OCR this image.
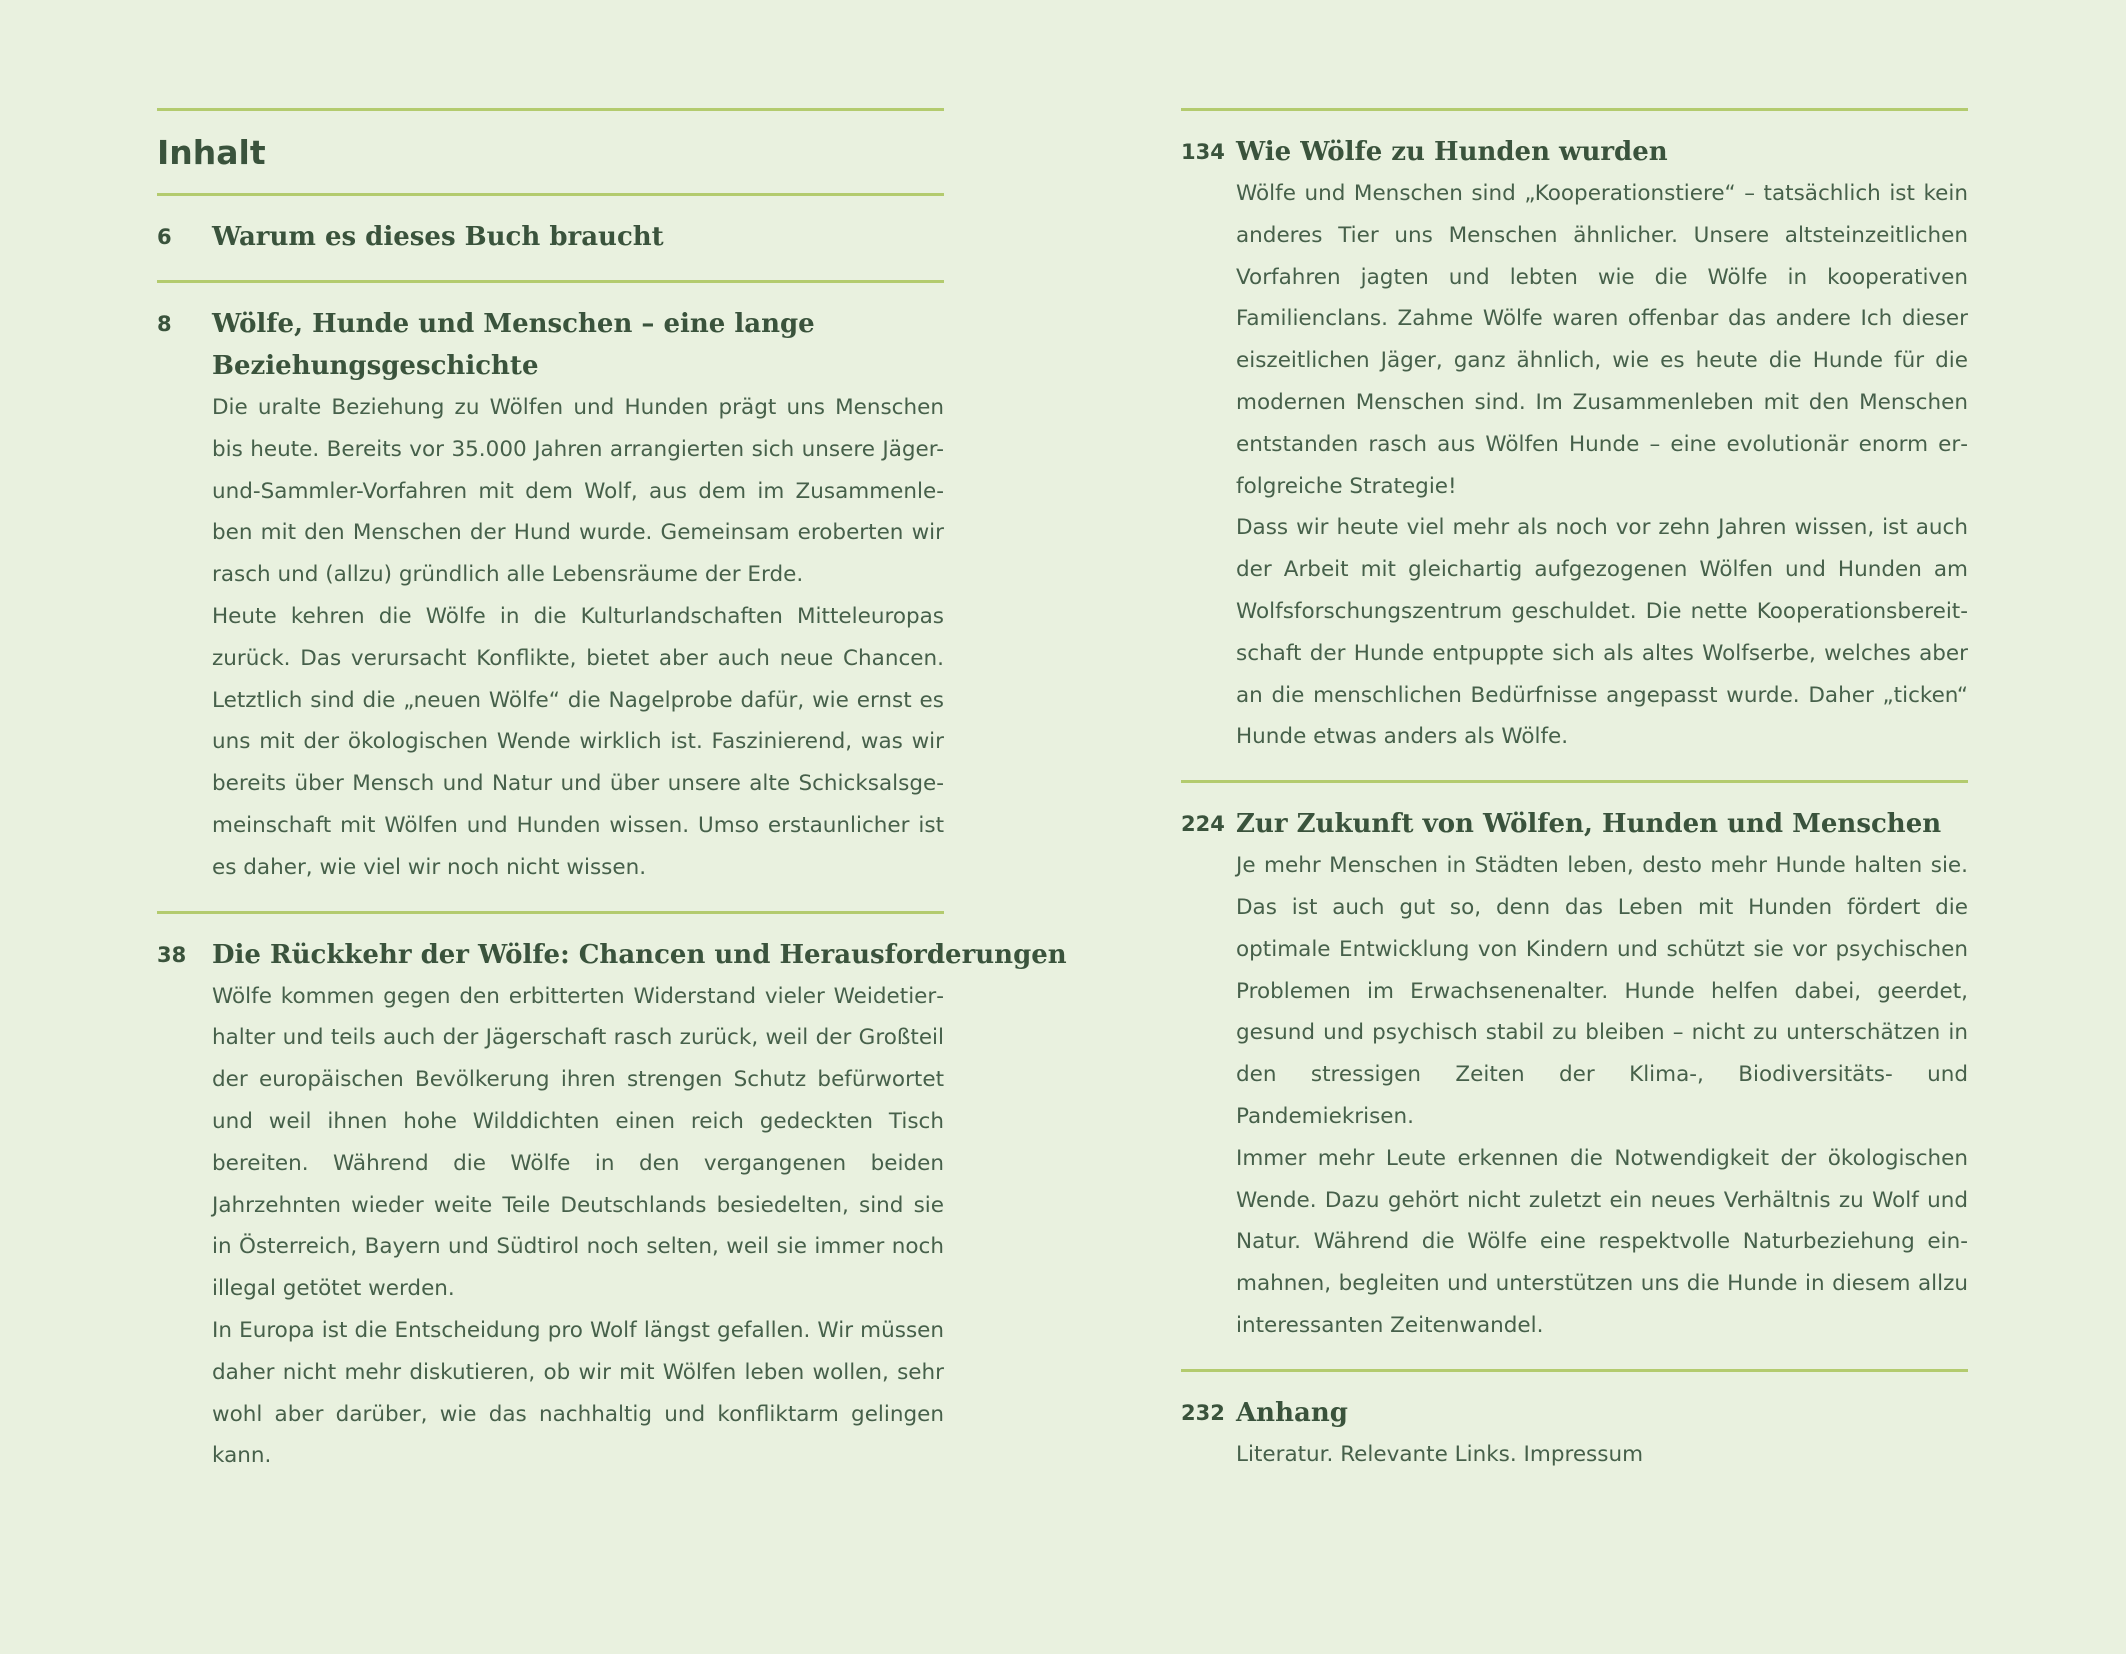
Inhalt
6	Warum es dieses Buch braucht
8	Wölfe, Hunde und Menschen – eine lange Beziehungsgeschichte

Die uralte Beziehung zu Wölfen und Hunden prägt uns Menschen bis heute. Bereits vor 35.000 Jahren arrangierten sich unsere Jäger- und-Sammler-Vorfahren mit dem Wolf, aus dem im Zusammenleben mit den Menschen der Hund wurde. Gemeinsam eroberten wir rasch und (allzu) gründlich alle Lebensräume der Erde.

Heute kehren die Wölfe in die Kulturlandschaften Mitteleuropas zurück. Das verursacht Konflikte, bietet aber auch neue Chancen. Letztlich sind die „neuen Wölfe“ die Nagelprobe dafür, wie ernst es uns mit der ökologischen Wende wirklich ist. Faszinierend, was wir bereits über Mensch und Natur und über unsere alte Schicksalsgemeinschaft mit Wölfen und Hunden wissen. Umso erstaunlicher ist es daher, wie viel wir noch nicht wissen.

38 Die Rückkehr der Wölfe: Chancen und Herausforderungen

Wölfe kommen gegen den erbitterten Widerstand vieler Weidetierhalter und teils auch der Jägerschaft rasch zurück, weil der Großteil der europäischen Bevölkerung ihren strengen Schutz befürwortet und weil ihnen hohe Wilddichten einen reich gedeckten Tisch bereiten. Während die Wölfe in den vergangenen beiden Jahrzehnten wieder weite Teile Deutschlands besiedelten, sind sie in Österreich, Bayern und Südtirol noch selten, weil sie immer noch illegal getötet werden.

In Europa ist die Entscheidung pro Wolf längst gefallen. Wir müssen daher nicht mehr diskutieren, ob wir mit Wölfen leben wollen, sehr wohl aber darüber, wie das nachhaltig und konfliktarm gelingen kann.

134 Wie Wölfe zu Hunden wurden

Wölfe und Menschen sind „Kooperationstiere“ – tatsächlich ist kein anderes Tier uns Menschen ähnlicher. Unsere altsteinzeitlichen Vorfahren jagten und lebten wie die Wölfe in kooperativen Familienclans. Zahme Wölfe waren offenbar das andere Ich dieser eiszeitlichen Jäger, ganz ähnlich, wie es heute die Hunde für die modernen Menschen sind. Im Zusammenleben mit den Menschen entstanden rasch aus Wölfen Hunde – eine evolutionär enorm erfolgreiche Strategie!

Dass wir heute viel mehr als noch vor zehn Jahren wissen, ist auch der Arbeit mit gleichartig aufgezogenen Wölfen und Hunden am Wolfsforschungszentrum geschuldet. Die nette Kooperationsbereitschaft der Hunde entpuppte sich als altes Wolfserbe, welches aber an die menschlichen Bedürfnisse angepasst wurde. Daher „ticken“ Hunde etwas anders als Wölfe.

224 Zur Zukunft von Wölfen, Hunden und Menschen

Je mehr Menschen in Städten leben, desto mehr Hunde halten sie. Das ist auch gut so, denn das Leben mit Hunden fördert die optimale Entwicklung von Kindern und schützt sie vor psychischen Problemen im Erwachsenenalter. Hunde helfen dabei, geerdet, gesund und psychisch stabil zu bleiben – nicht zu unterschätzen in den stressigen Zeiten der Klima-, Biodiversitäts- und Pandemiekrisen.

Immer mehr Leute erkennen die Notwendigkeit der ökologischen Wende. Dazu gehört nicht zuletzt ein neues Verhältnis zu Wolf und Natur. Während die Wölfe eine respektvolle Naturbeziehung einmahnen, begleiten und unterstützen uns die Hunde in diesem allzu interessanten Zeitenwandel.

232 Anhang

Literatur. Relevante Links. Impressum
